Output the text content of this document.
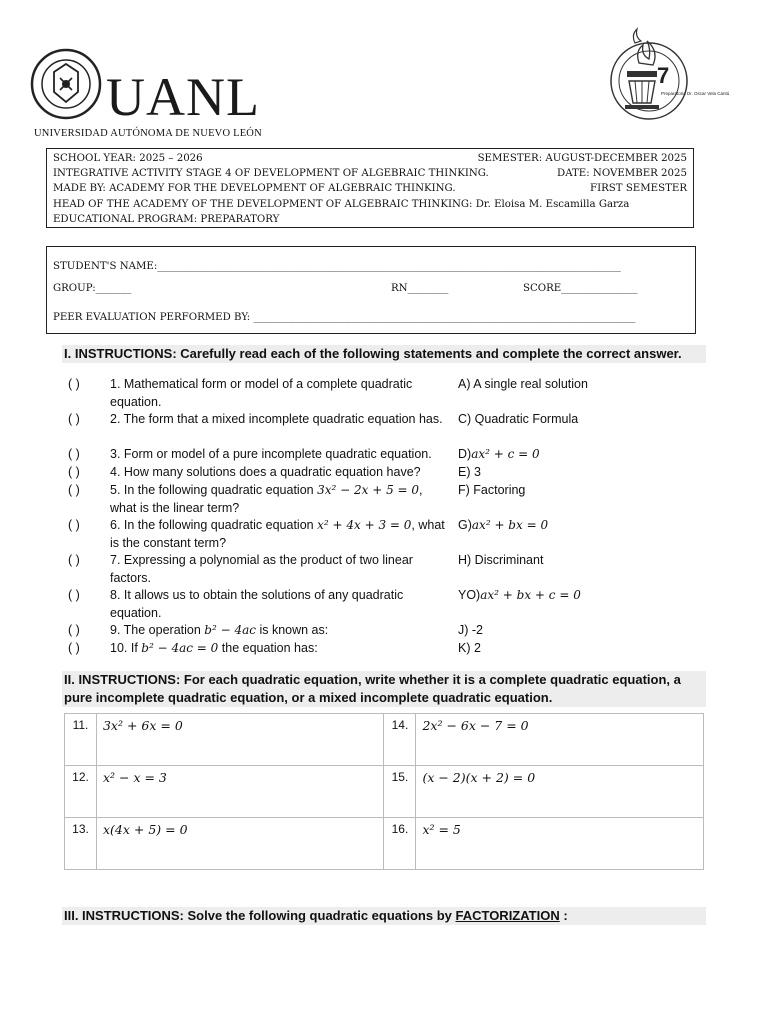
UANL
UNIVERSIDAD AUTÓNOMA DE NUEVO LEÓN
7
Preparatoria Dr. Oscar Vela Cantú
SCHOOL YEAR: 2025 – 2026	SEMESTER: AUGUST-DECEMBER 2025
INTEGRATIVE ACTIVITY STAGE 4 OF DEVELOPMENT OF ALGEBRAIC THINKING.	DATE: NOVEMBER 2025
MADE BY: ACADEMY FOR THE DEVELOPMENT OF ALGEBRAIC THINKING.	FIRST SEMESTER
HEAD OF THE ACADEMY OF THE DEVELOPMENT OF ALGEBRAIC THINKING: Dr. Eloisa M. Escamilla Garza
EDUCATIONAL PROGRAM: PREPARATORY
STUDENT'S NAME:___________________________________________________________________________________________
GROUP:_______	RN________	SCORE_______________
PEER EVALUATION PERFORMED BY: ___________________________________________________________________________
I. INSTRUCTIONS: Carefully read each of the following statements and complete the correct answer.
( ) 1. Mathematical form or model of a complete quadratic equation.
A) A single real solution
( ) 2. The form that a mixed incomplete quadratic equation has.	C) Quadratic Formula
( ) 3. Form or model of a pure incomplete quadratic equation.	D)ax² + c = 0
( ) 4. How many solutions does a quadratic equation have?	E) 3
( ) 5. In the following quadratic equation 3x² − 2x + 5 = 0, what is the linear term?
F) Factoring
( ) 6. In the following quadratic equation x² + 4x + 3 = 0, what is the constant term?
G)ax² + bx = 0
( ) 7. Expressing a polynomial as the product of two linear factors.
H) Discriminant
( ) 8. It allows us to obtain the solutions of any quadratic equation.
YO)ax² + bx + c = 0
( ) 9. The operation b² − 4ac is known as:	J) -2
( ) 10. If b² − 4ac = 0 the equation has:	K) 2
II. INSTRUCTIONS: For each quadratic equation, write whether it is a complete quadratic equation, a pure incomplete quadratic equation, or a mixed incomplete quadratic equation.
11.	3x² + 6x = 0	14.	2x² − 6x − 7 = 0
12.	x² − x = 3	15.	(x − 2)(x + 2) = 0
13.	x(4x + 5) = 0	16.	x² = 5
III. INSTRUCTIONS: Solve the following quadratic equations by FACTORIZATION :
